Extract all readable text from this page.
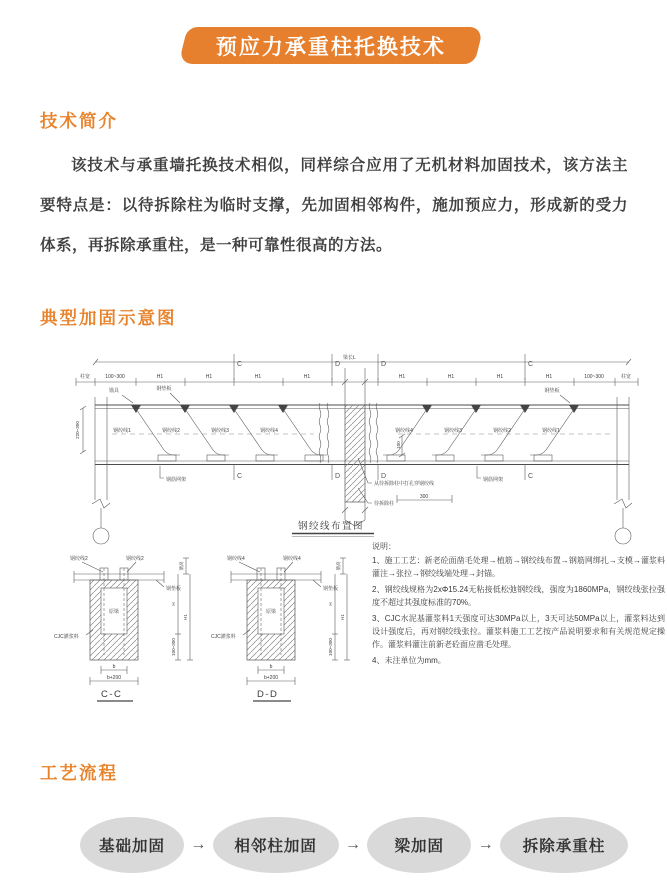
预应力承重柱托换技术
技术简介
该技术与承重墙托换技术相似，同样综合应用了无机材料加固技术，该方法主要特点是：以待拆除柱为临时支撑，先加固相邻构件，施加预应力，形成新的受力体系，再拆除承重柱，是一种可靠性很高的方法。
典型加固示意图
梁长L
柱宽	100~300	H1	H1	H1	H1	H1	H1	H1	H1	100~300	柱宽
C	D	D	C
220~300	钢绞线1	钢绞线2	钢绞线3	钢绞线4	钢绞线4	钢绞线3	钢绞线2	钢绞线1
锚具	钢垫板	钢垫板
C	D	D	C
钢筋网架	钢筋网架
100
300
从待拆除柱中打孔穿钢绞线
待拆除柱
钢绞线布置图
钢绞线2	钢绞线2
原梁
CJC灌浆料
钢垫板
b
b+200
梁高
H
H1
100~300
C-C
钢绞线4	钢绞线4
原梁
CJC灌浆料
钢垫板
b
b+200
梁高
H
H1
100~300
D-D
说明：
1、施工工艺：新老砼面凿毛处理→植筋→钢绞线布置→钢筋网绑扎→支模→灌浆料灌注→张拉→钢绞线端处理→封锚。
2、钢绞线规格为2xΦ15.24无粘接低松弛钢绞线，强度为1860MPa，钢绞线张拉强度不超过其强度标准的70%。
3、CJC水泥基灌浆料1天强度可达30MPa以上，3天可达50MPa以上，灌浆料达到设计强度后，再对钢绞线张拉。灌浆料施工工艺按产品说明要求和有关规范规定操作。灌浆料灌注前新老砼面应凿毛处理。
4、未注单位为mm。
工艺流程
基础加固	→	相邻柱加固	→	梁加固	→	拆除承重柱
